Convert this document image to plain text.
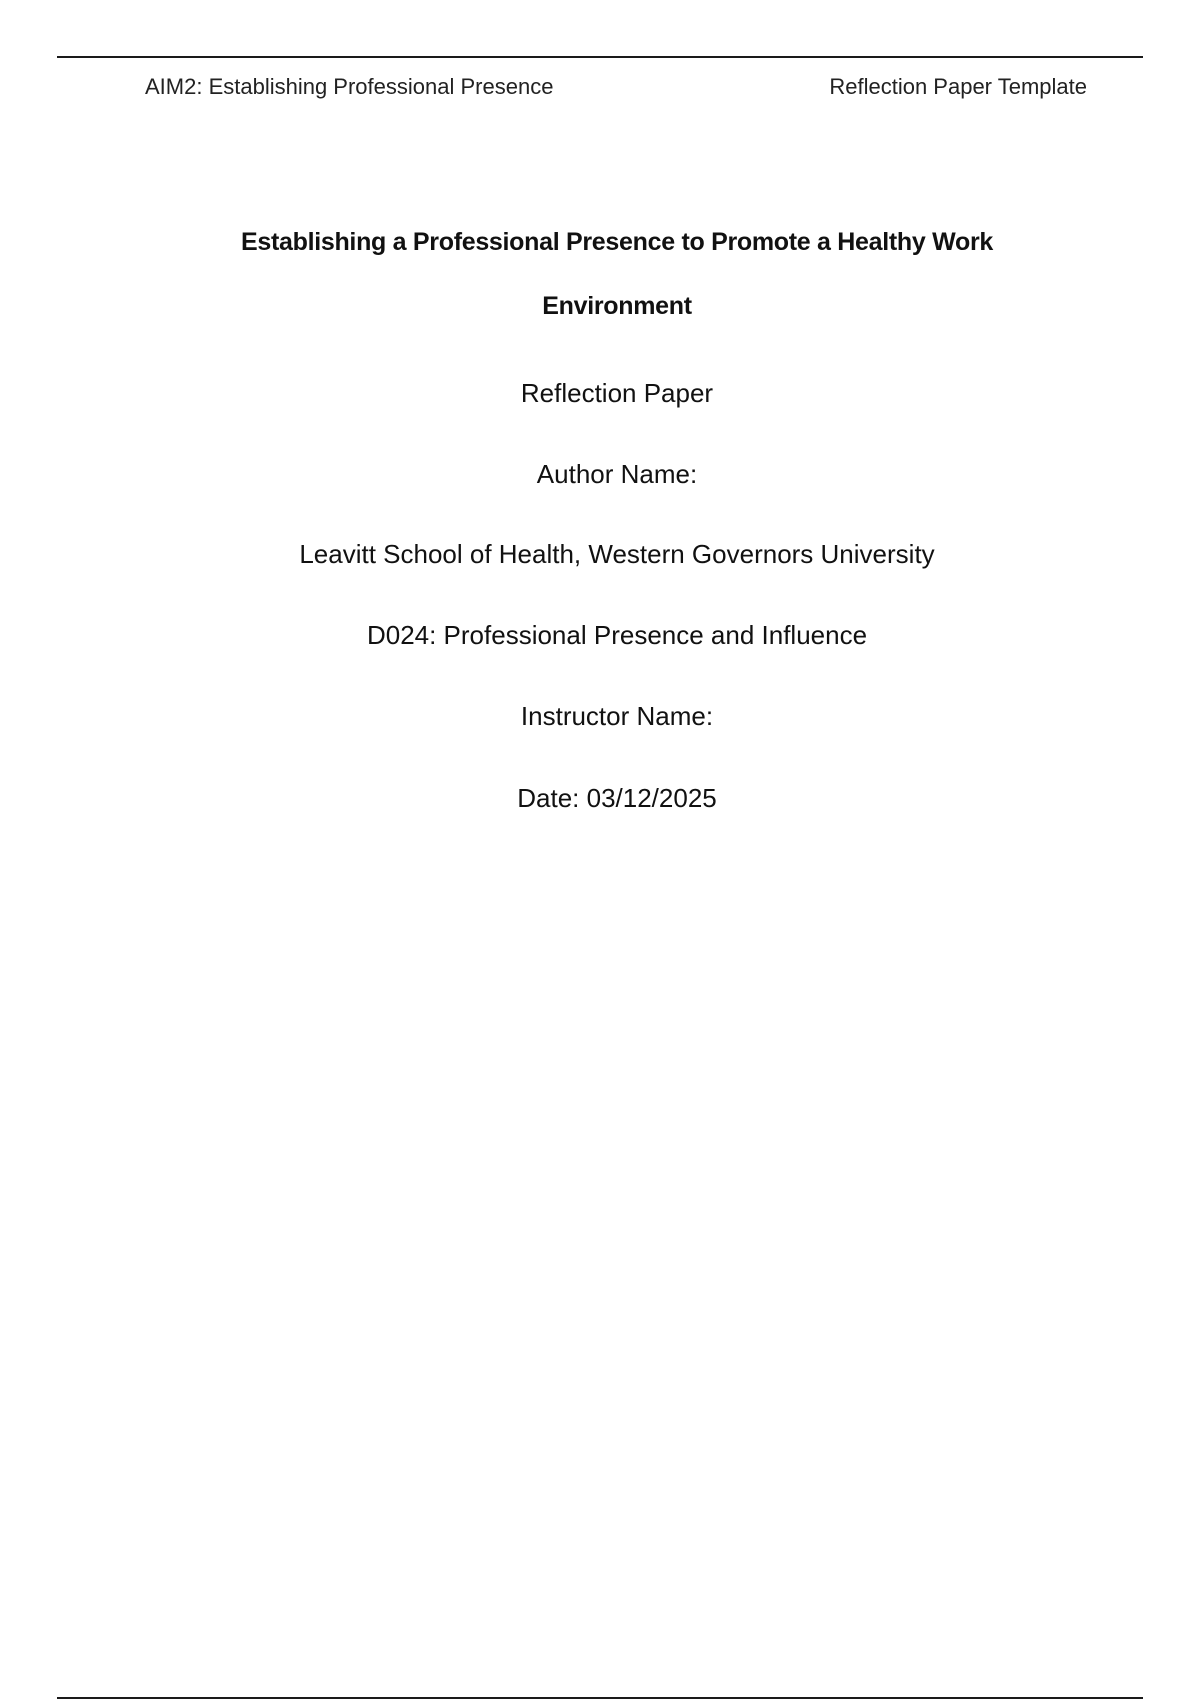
AIM2: Establishing Professional Presence	Reflection Paper Template
Establishing a Professional Presence to Promote a Healthy Work
Environment
Reflection Paper
Author Name:
Leavitt School of Health, Western Governors University
D024: Professional Presence and Influence
Instructor Name:
Date: 03/12/2025
